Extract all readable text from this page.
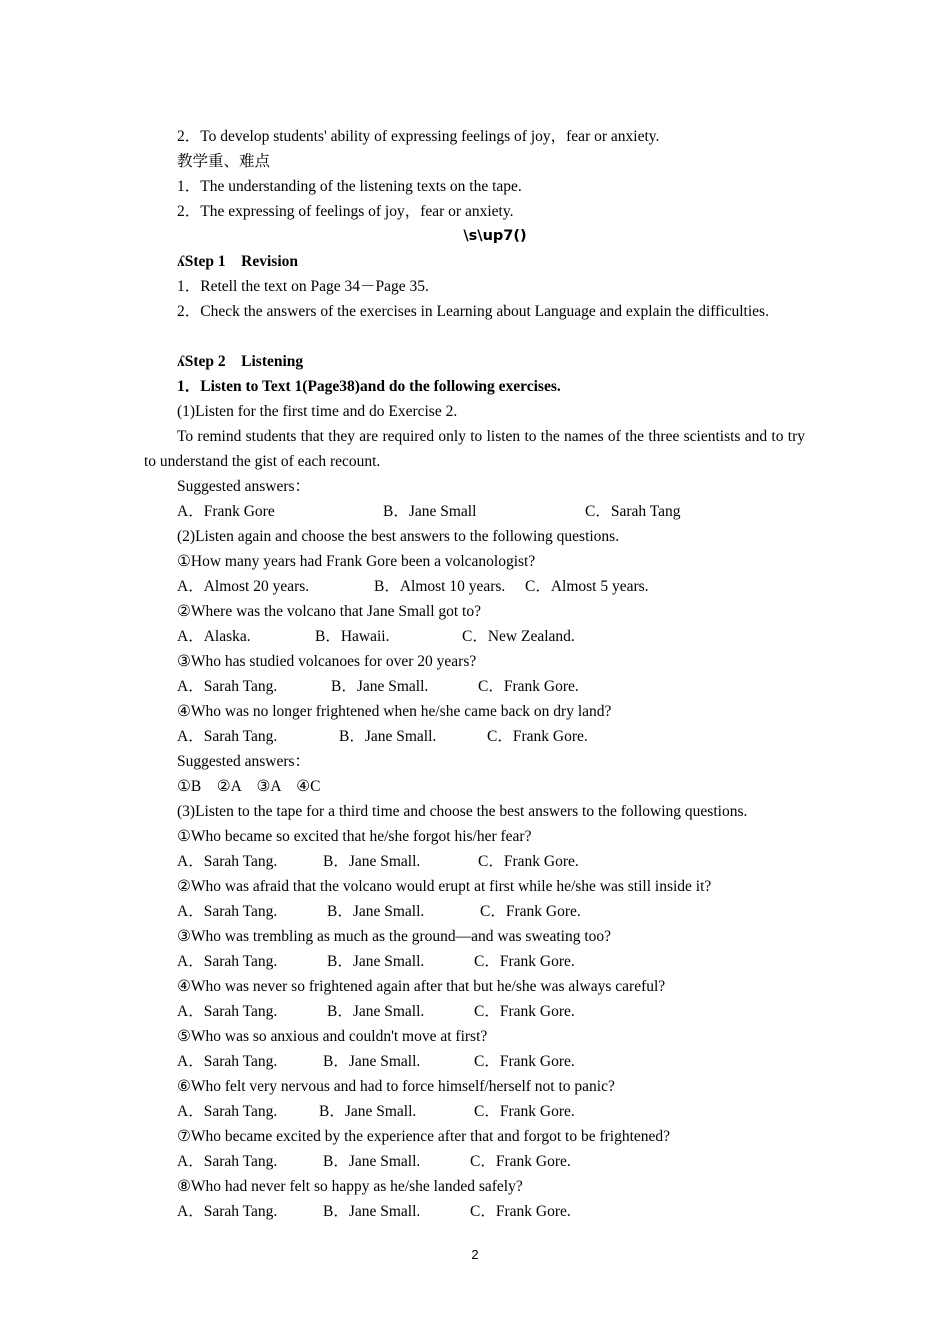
2．To develop students' ability of expressing feelings of joy，fear or anxiety.
教学重、难点
1．The understanding of the listening texts on the tape.
2．The expressing of feelings of joy，fear or anxiety.
\s\up7()
ʎStep 1　Revision
1．Retell the text on Page 34－Page 35.
2．Check the answers of the exercises in Learning about Language and explain the difficulties.
ʎStep 2　Listening
1．Listen to Text 1(Page38)and do the following exercises.
(1)Listen for the first time and do Exercise 2.
To remind students that they are required only to listen to the names of the three scientists and to try to understand the gist of each recount.
Suggested answers：
A．Frank Gore	B．Jane Small	C．Sarah Tang
(2)Listen again and choose the best answers to the following questions.
①How many years had Frank Gore been a volcanologist?
A．Almost 20 years.	B．Almost 10 years. C．Almost 5 years.
②Where was the volcano that Jane Small got to?
A．Alaska.	B．Hawaii.	C．New Zealand.
③Who has studied volcanoes for over 20 years?
A．Sarah Tang.	B．Jane Small.	C．Frank Gore.
④Who was no longer frightened when he/she came back on dry land?
A．Sarah Tang.	B．Jane Small.	C．Frank Gore.
Suggested answers：
①B　②A　③A　④C
(3)Listen to the tape for a third time and choose the best answers to the following questions.
①Who became so excited that he/she forgot his/her fear?
A．Sarah Tang.	B．Jane Small.	C．Frank Gore.
②Who was afraid that the volcano would erupt at first while he/she was still inside it?
A．Sarah Tang.	B．Jane Small.	C．Frank Gore.
③Who was trembling as much as the ground—and was sweating too?
A．Sarah Tang.	B．Jane Small.	C．Frank Gore.
④Who was never so frightened again after that but he/she was always careful?
A．Sarah Tang.	B．Jane Small.	C．Frank Gore.
⑤Who was so anxious and couldn't move at first?
A．Sarah Tang.	B．Jane Small.	C．Frank Gore.
⑥Who felt very nervous and had to force himself/herself not to panic?
A．Sarah Tang.	B．Jane Small.	C．Frank Gore.
⑦Who became excited by the experience after that and forgot to be frightened?
A．Sarah Tang.	B．Jane Small.	C．Frank Gore.
⑧Who had never felt so happy as he/she landed safely?
A．Sarah Tang.	B．Jane Small.	C．Frank Gore.
2
